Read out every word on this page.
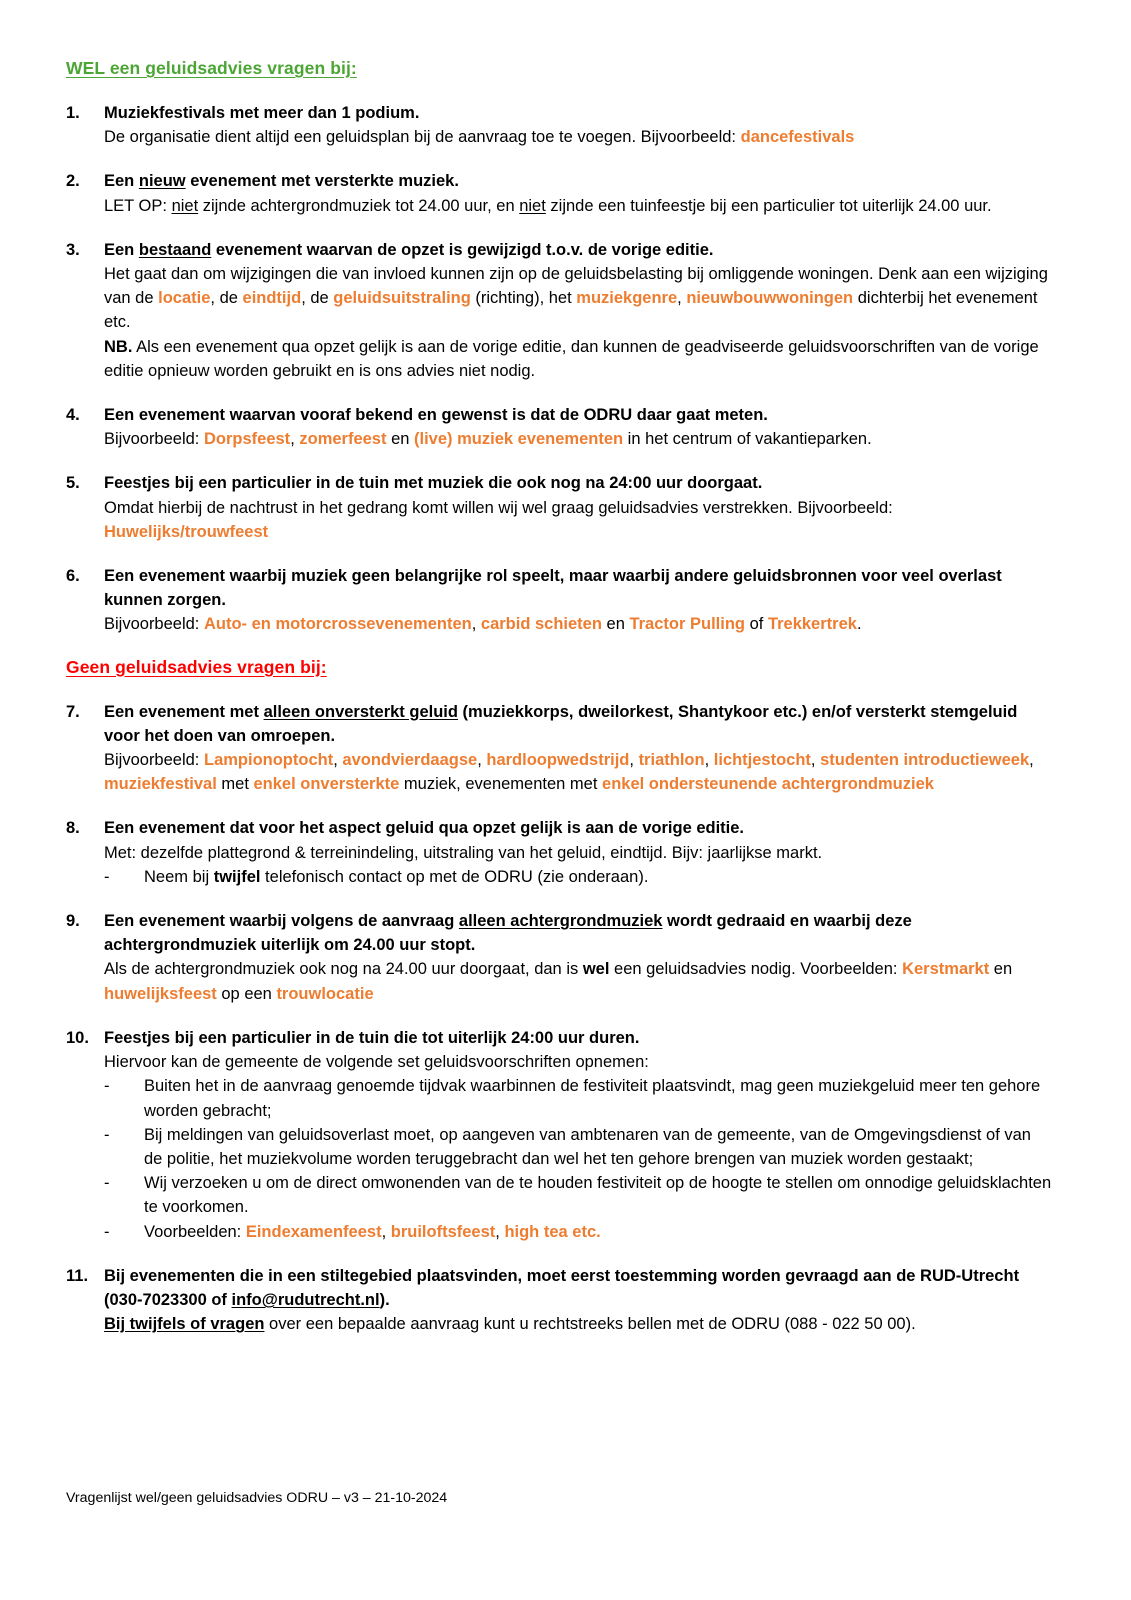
WEL een geluidsadvies vragen bij:
1.	Muziekfestivals met meer dan 1 podium.
De organisatie dient altijd een geluidsplan bij de aanvraag toe te voegen. Bijvoorbeeld: dancefestivals
2.	Een nieuw evenement met versterkte muziek.
LET OP: niet zijnde achtergrondmuziek tot 24.00 uur, en niet zijnde een tuinfeestje bij een particulier tot uiterlijk 24.00 uur.
3.	Een bestaand evenement waarvan de opzet is gewijzigd t.o.v. de vorige editie.
Het gaat dan om wijzigingen die van invloed kunnen zijn op de geluidsbelasting bij omliggende woningen. Denk aan een wijziging van de locatie, de eindtijd, de geluidsuitstraling (richting), het muziekgenre, nieuwbouwwoningen dichterbij het evenement etc.
NB. Als een evenement qua opzet gelijk is aan de vorige editie, dan kunnen de geadviseerde geluidsvoorschriften van de vorige editie opnieuw worden gebruikt en is ons advies niet nodig.
4.	Een evenement waarvan vooraf bekend en gewenst is dat de ODRU daar gaat meten.
Bijvoorbeeld: Dorpsfeest, zomerfeest en (live) muziek evenementen in het centrum of vakantieparken.
5.	Feestjes bij een particulier in de tuin met muziek die ook nog na 24:00 uur doorgaat.
Omdat hierbij de nachtrust in het gedrang komt willen wij wel graag geluidsadvies verstrekken. Bijvoorbeeld: Huwelijks/trouwfeest
6.	Een evenement waarbij muziek geen belangrijke rol speelt, maar waarbij andere geluidsbronnen voor veel overlast kunnen zorgen.
Bijvoorbeeld: Auto- en motorcrossevenementen, carbid schieten en Tractor Pulling of Trekkertrek.
Geen geluidsadvies vragen bij:
7.	Een evenement met alleen onversterkt geluid (muziekkorps, dweilorkest, Shantykoor etc.) en/of versterkt stemgeluid voor het doen van omroepen.
Bijvoorbeeld: Lampionoptocht, avondvierdaagse, hardloopwedstrijd, triathlon, lichtjestocht, studenten introductieweek, muziekfestival met enkel onversterkte muziek, evenementen met enkel ondersteunende achtergrondmuziek
8.	Een evenement dat voor het aspect geluid qua opzet gelijk is aan de vorige editie.
Met: dezelfde plattegrond & terreinindeling, uitstraling van het geluid, eindtijd. Bijv: jaarlijkse markt.
-	Neem bij twijfel telefonisch contact op met de ODRU (zie onderaan).
9.	Een evenement waarbij volgens de aanvraag alleen achtergrondmuziek wordt gedraaid en waarbij deze achtergrondmuziek uiterlijk om 24.00 uur stopt.
Als de achtergrondmuziek ook nog na 24.00 uur doorgaat, dan is wel een geluidsadvies nodig. Voorbeelden: Kerstmarkt en huwelijksfeest op een trouwlocatie
10. Feestjes bij een particulier in de tuin die tot uiterlijk 24:00 uur duren.
Hiervoor kan de gemeente de volgende set geluidsvoorschriften opnemen:
-	Buiten het in de aanvraag genoemde tijdvak waarbinnen de festiviteit plaatsvindt, mag geen muziekgeluid meer ten gehore worden gebracht;
-	Bij meldingen van geluidsoverlast moet, op aangeven van ambtenaren van de gemeente, van de Omgevingsdienst of van de politie, het muziekvolume worden teruggebracht dan wel het ten gehore brengen van muziek worden gestaakt;
-	Wij verzoeken u om de direct omwonenden van de te houden festiviteit op de hoogte te stellen om onnodige geluidsklachten te voorkomen.
-	Voorbeelden: Eindexamenfeest, bruiloftsfeest, high tea etc.
11. Bij evenementen die in een stiltegebied plaatsvinden, moet eerst toestemming worden gevraagd aan de RUD-Utrecht (030-7023300 of info@rudutrecht.nl).
Bij twijfels of vragen over een bepaalde aanvraag kunt u rechtstreeks bellen met de ODRU (088 - 022 50 00).
Vragenlijst wel/geen geluidsadvies ODRU – v3 – 21-10-2024
